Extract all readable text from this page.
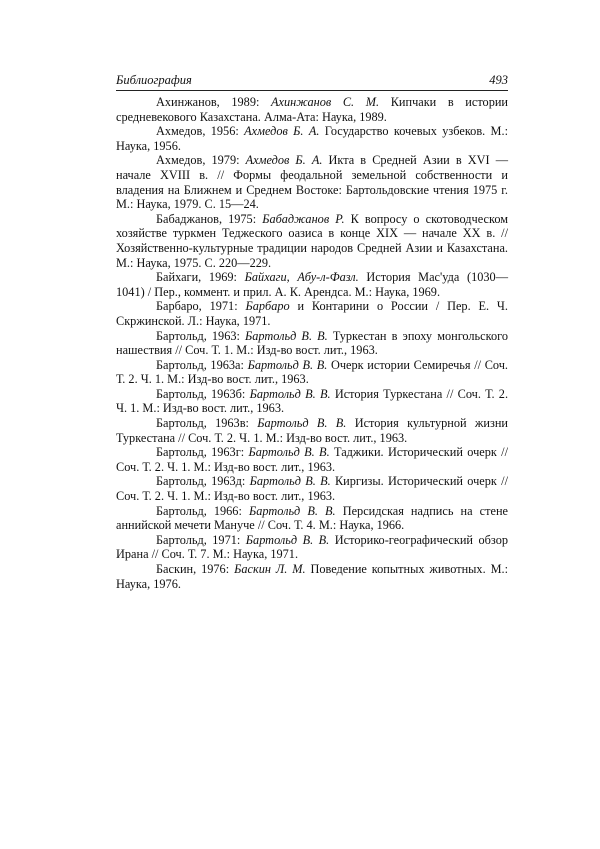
Библиография	493

Ахинжанов, 1989: Ахинжанов С. М. Кипчаки в истории средневекового Казахстана. Алма-Ата: Наука, 1989.

Ахмедов, 1956: Ахмедов Б. А. Государство кочевых узбеков. М.: Наука, 1956.

Ахмедов, 1979: Ахмедов Б. А. Икта в Средней Азии в XVI — начале XVIII в. // Формы феодальной земельной собственности и владения на Ближнем и Среднем Востоке: Бартольдовские чтения 1975 г. М.: Наука, 1979. С. 15—24.

Бабаджанов, 1975: Бабаджанов Р. К вопросу о скотоводческом хозяйстве туркмен Теджеского оазиса в конце XIX — начале XX в. // Хозяйственно-культурные традиции народов Средней Азии и Казахстана. М.: Наука, 1975. С. 220—229.

Байхаги, 1969: Байхаги, Абу-л-Фазл. История Мас'уда (1030—1041) / Пер., коммент. и прил. А. К. Арендса. М.: Наука, 1969.

Барбаро, 1971: Барбаро и Контарини о России / Пер. Е. Ч. Скржинской. Л.: Наука, 1971.

Бартольд, 1963: Бартольд В. В. Туркестан в эпоху монгольского нашествия // Соч. Т. 1. М.: Изд-во вост. лит., 1963.

Бартольд, 1963а: Бартольд В. В. Очерк истории Семиречья // Соч. Т. 2. Ч. 1. М.: Изд-во вост. лит., 1963.

Бартольд, 1963б: Бартольд В. В. История Туркестана // Соч. Т. 2. Ч. 1. М.: Изд-во вост. лит., 1963.

Бартольд, 1963в: Бартольд В. В. История культурной жизни Туркестана // Соч. Т. 2. Ч. 1. М.: Изд-во вост. лит., 1963.

Бартольд, 1963г: Бартольд В. В. Таджики. Исторический очерк // Соч. Т. 2. Ч. 1. М.: Изд-во вост. лит., 1963.

Бартольд, 1963д: Бартольд В. В. Киргизы. Исторический очерк // Соч. Т. 2. Ч. 1. М.: Изд-во вост. лит., 1963.

Бартольд, 1966: Бартольд В. В. Персидская надпись на стене аннийской мечети Мануче // Соч. Т. 4. М.: Наука, 1966.

Бартольд, 1971: Бартольд В. В. Историко-географический обзор Ирана // Соч. Т. 7. М.: Наука, 1971.

Баскин, 1976: Баскин Л. М. Поведение копытных животных. М.: Наука, 1976.
